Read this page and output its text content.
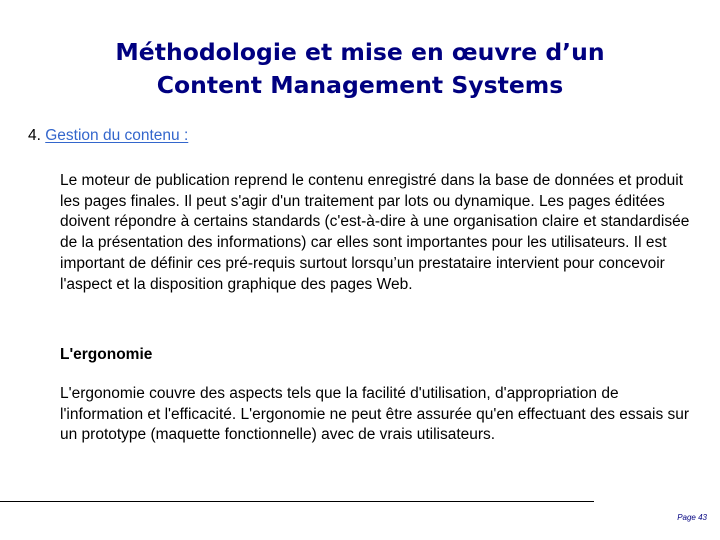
Méthodologie et mise en œuvre d’un
Content Management Systems

4. Gestion du contenu :

Le moteur de publication reprend le contenu enregistré dans la base de données et produit les pages finales. Il peut s'agir d'un traitement par lots ou dynamique. Les pages éditées doivent répondre à certains standards (c'est-à-dire à une organisation claire et standardisée de la présentation des informations) car elles sont importantes pour les utilisateurs. Il est important de définir ces pré-requis surtout lorsqu’un prestataire intervient pour concevoir l'aspect et la disposition graphique des pages Web.

L'ergonomie

L'ergonomie couvre des aspects tels que la facilité d'utilisation, d'appropriation de l'information et l'efficacité. L'ergonomie ne peut être assurée qu'en effectuant des essais sur un prototype (maquette fonctionnelle) avec de vrais utilisateurs.

Page 43
